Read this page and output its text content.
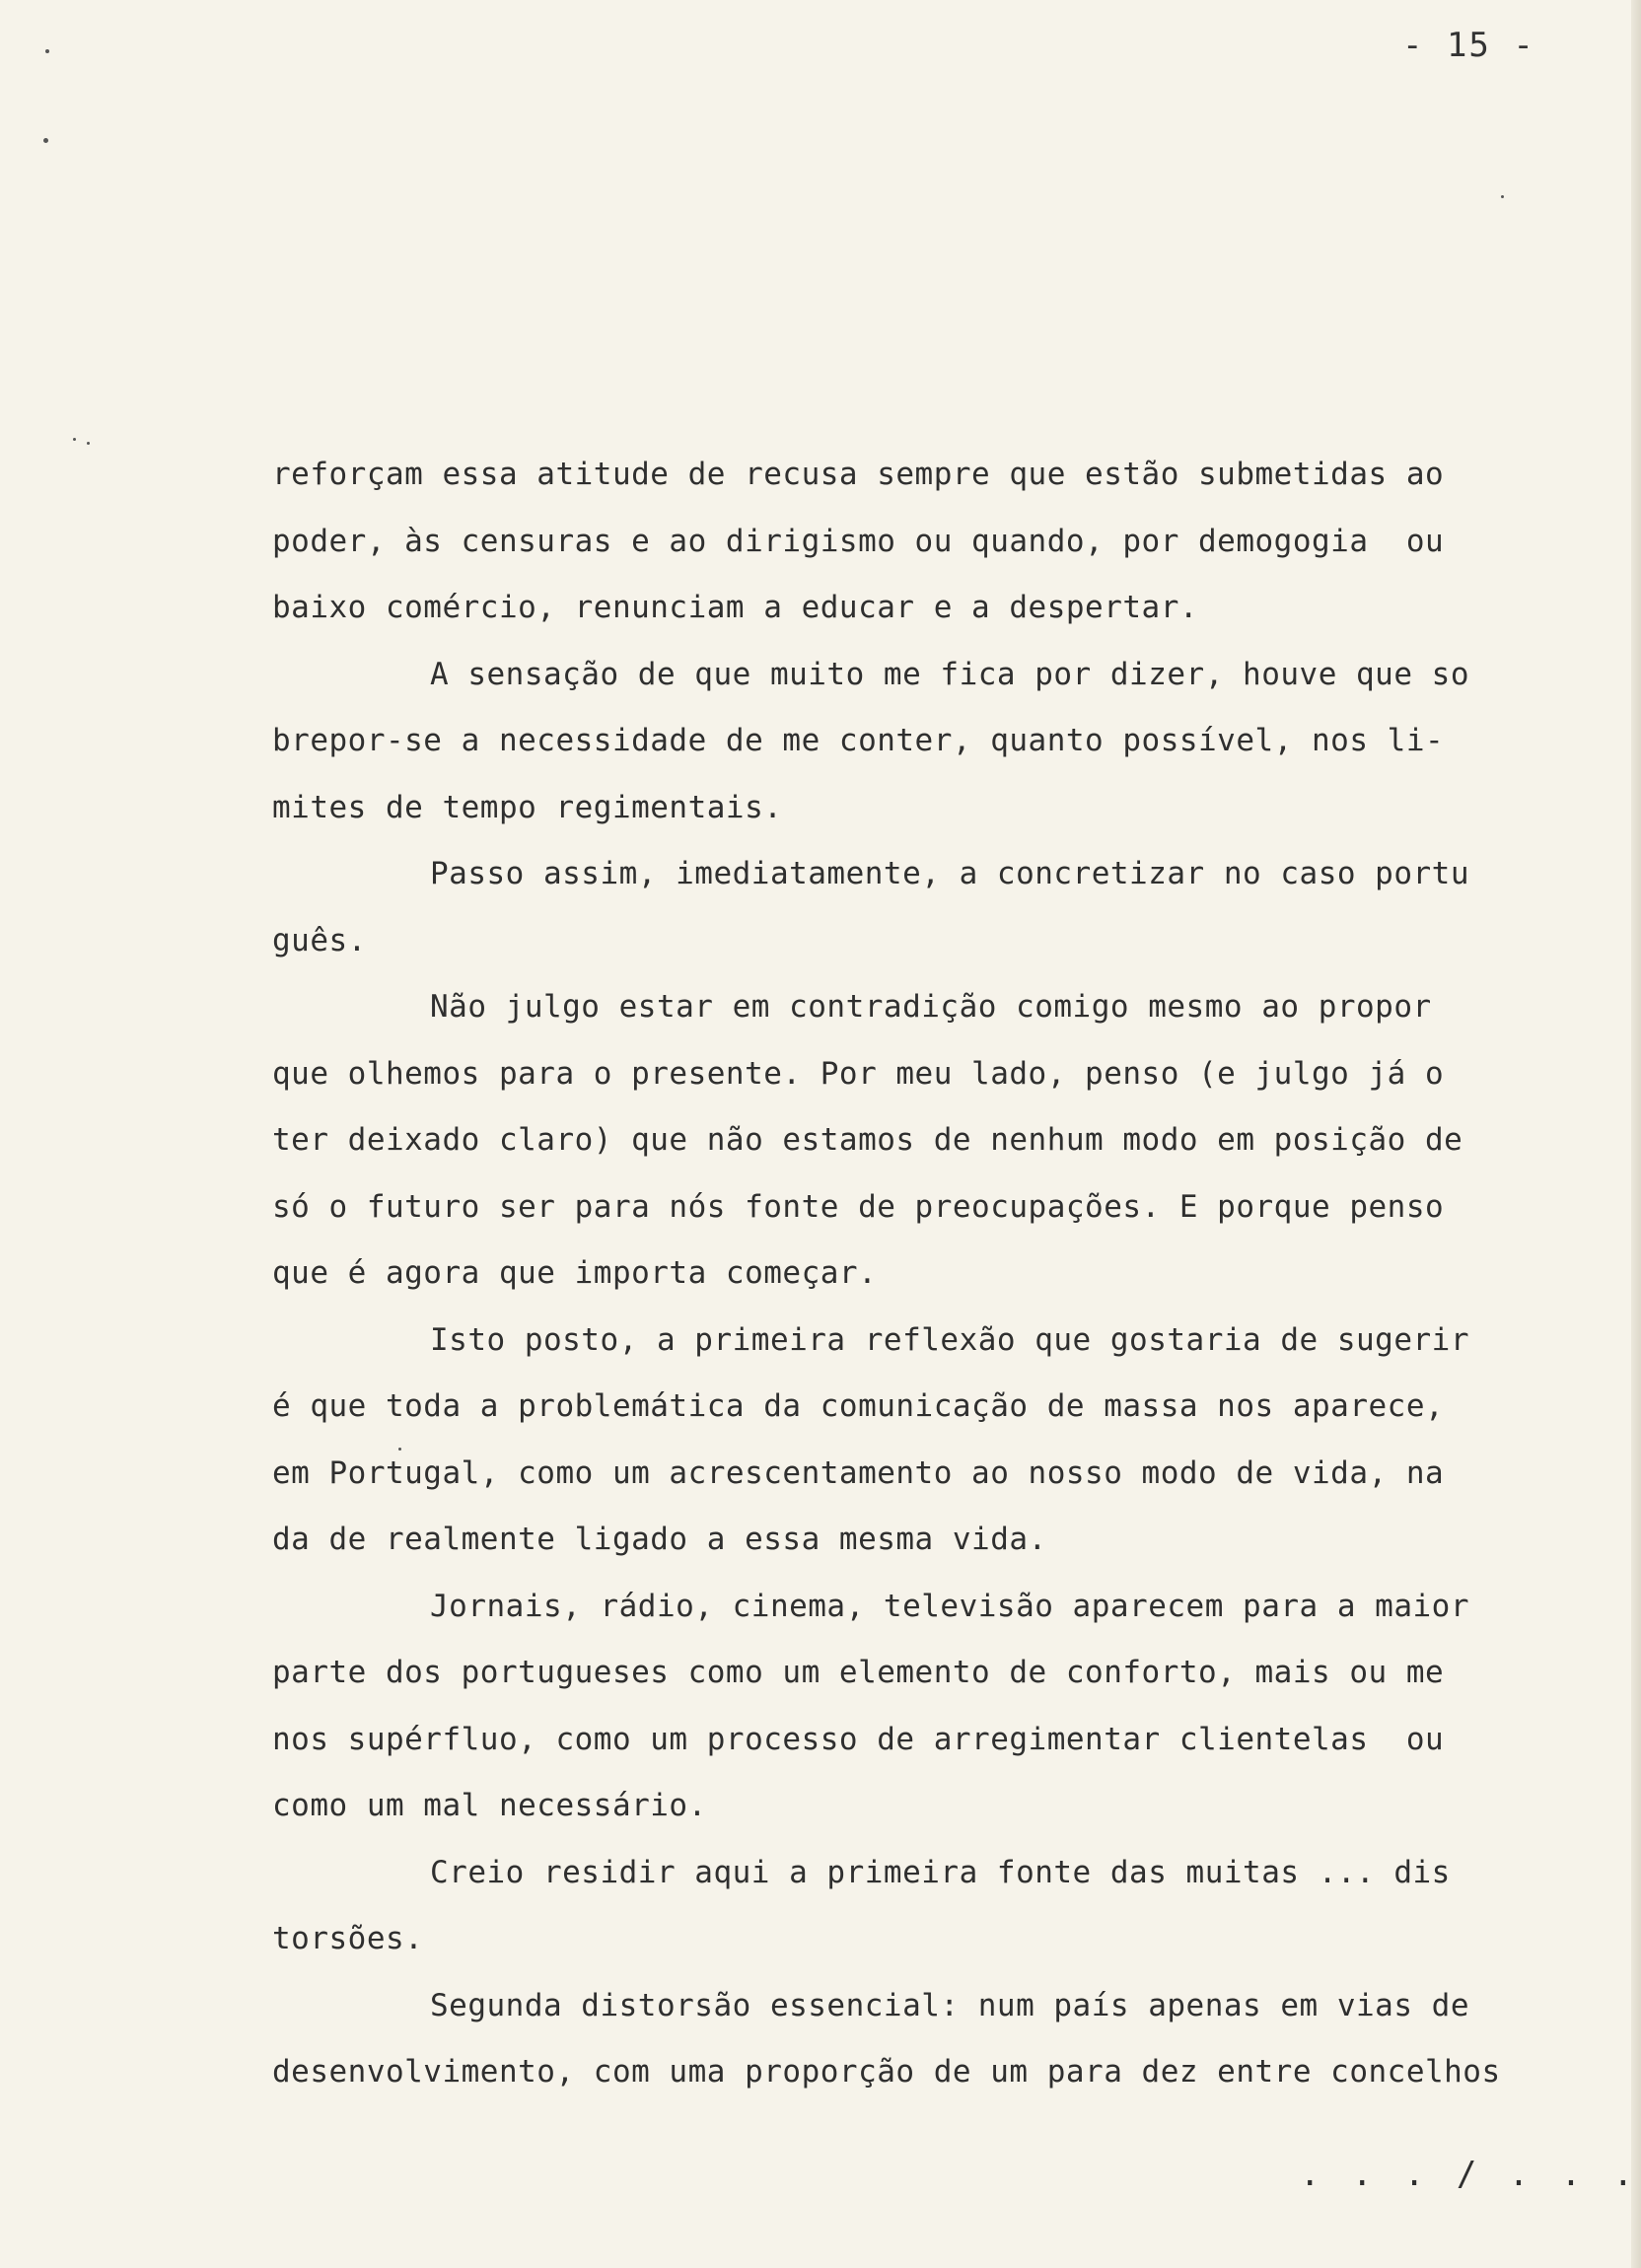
- 15 -
reforçam essa atitude de recusa sempre que estão submetidas ao
poder, às censuras e ao dirigismo ou quando, por demogogia  ou
baixo comércio, renunciam a educar e a despertar.
A sensação de que muito me fica por dizer, houve que so
brepor-se a necessidade de me conter, quanto possível, nos li-
mites de tempo regimentais.
Passo assim, imediatamente, a concretizar no caso portu
guês.
Não julgo estar em contradição comigo mesmo ao propor
que olhemos para o presente. Por meu lado, penso (e julgo já o
ter deixado claro) que não estamos de nenhum modo em posição de
só o futuro ser para nós fonte de preocupações. E porque penso
que é agora que importa começar.
Isto posto, a primeira reflexão que gostaria de sugerir
é que toda a problemática da comunicação de massa nos aparece,
em Portugal, como um acrescentamento ao nosso modo de vida, na
da de realmente ligado a essa mesma vida.
Jornais, rádio, cinema, televisão aparecem para a maior
parte dos portugueses como um elemento de conforto, mais ou me
nos supérfluo, como um processo de arregimentar clientelas  ou
como um mal necessário.
Creio residir aqui a primeira fonte das muitas ... dis
torsões.
Segunda distorsão essencial: num país apenas em vias de
desenvolvimento, com uma proporção de um para dez entre concelhos
. . . / . . .
